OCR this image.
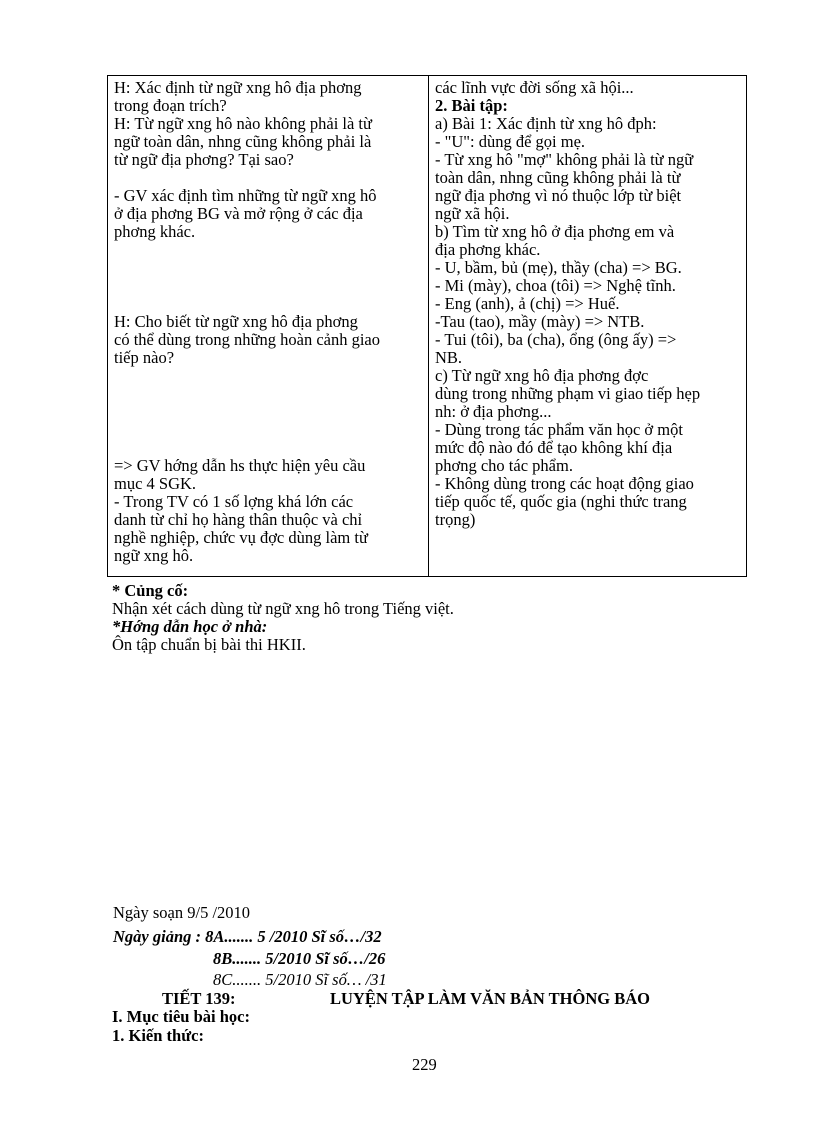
H: Xác định từ ngữ xng hô địa phơng
trong đoạn trích?
H: Từ ngữ xng hô nào không phải là từ
ngữ toàn dân, nhng cũng không phải là
từ ngữ địa phơng? Tại sao?
- GV xác định tìm những từ ngữ xng hô
ở địa phơng BG và mở rộng ở các địa
phơng khác.
H: Cho biết từ ngữ xng hô địa phơng
có thể dùng trong những hoàn cảnh giao
tiếp nào?
=> GV hớng dẫn hs thực hiện yêu cầu
mục 4 SGK.
- Trong TV có 1 số lợng khá lớn các
danh từ chỉ họ hàng thân thuộc và chỉ
nghề nghiệp, chức vụ đợc dùng làm từ
ngữ xng hô.
các lĩnh vực đời sống xã hội...
2. Bài tập:
a) Bài 1: Xác định từ xng hô đph:
- "U": dùng để gọi mẹ.
- Từ xng hô "mợ" không phải là từ ngữ
toàn dân, nhng cũng không phải là từ
ngữ địa phơng vì nó thuộc lớp từ biệt
ngữ xã hội.
b) Tìm từ xng hô ở địa phơng em và
địa phơng khác.
- U, bầm, bủ (mẹ), thầy (cha) => BG.
- Mi (mày), choa (tôi) => Nghệ tĩnh.
- Eng (anh), ả (chị) => Huế.
-Tau (tao), mầy (mày) => NTB.
- Tui (tôi), ba (cha), ổng (ông ấy) =>
NB.
c) Từ ngữ xng hô địa phơng đợc
dùng trong những phạm vi giao tiếp hẹp
nh: ở địa phơng...
- Dùng trong tác phẩm văn học ở một
mức độ nào đó để tạo không khí địa
phơng cho tác phẩm.
- Không dùng trong các hoạt động giao
tiếp quốc tế, quốc gia (nghi thức trang
trọng)
* Củng cố:
Nhận xét cách dùng từ ngữ xng hô trong Tiếng việt.
*Hớng dẫn học ở nhà:
Ôn tập chuẩn bị bài thi HKII.
Ngày soạn 9/5 /2010
Ngày giảng : 8A....... 5 /2010 Sĩ số…/32
8B....... 5/2010 Sĩ số…/26
8C....... 5/2010 Sĩ số… /31
TIẾT 139:	LUYỆN TẬP LÀM VĂN BẢN THÔNG BÁO
I. Mục tiêu bài học:
1. Kiến thức:
229
